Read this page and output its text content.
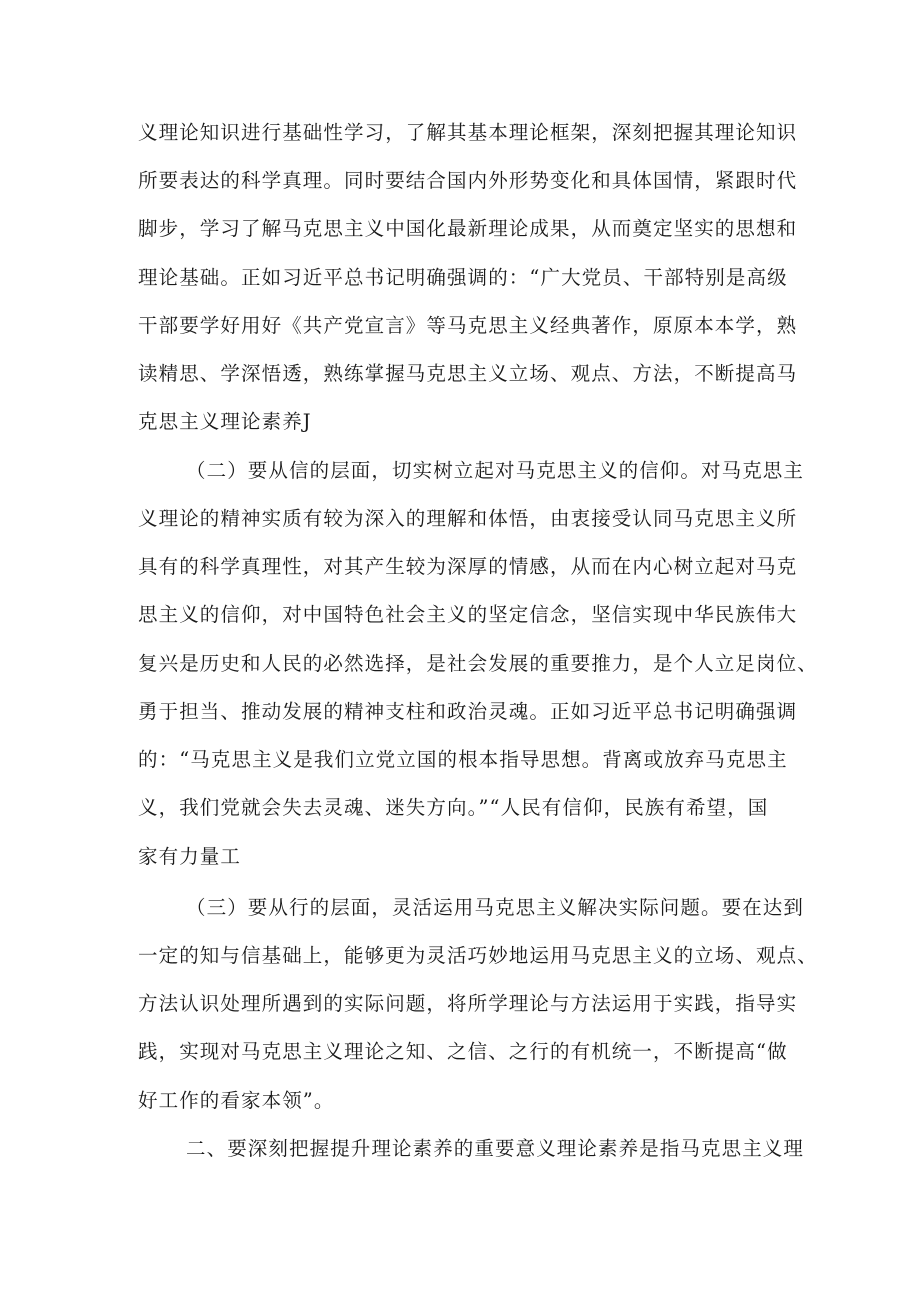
义理论知识进行基础性学习，了解其基本理论框架，深刻把握其理论知识
所要表达的科学真理。同时要结合国内外形势变化和具体国情，紧跟时代
脚步，学习了解马克思主义中国化最新理论成果，从而奠定坚实的思想和
理论基础。正如习近平总书记明确强调的：“广大党员、干部特别是高级
干部要学好用好《共产党宣言》等马克思主义经典著作，原原本本学，熟
读精思、学深悟透，熟练掌握马克思主义立场、观点、方法，不断提高马
克思主义理论素养J
（二）要从信的层面，切实树立起对马克思主义的信仰。对马克思主
义理论的精神实质有较为深入的理解和体悟，由衷接受认同马克思主义所
具有的科学真理性，对其产生较为深厚的情感，从而在内心树立起对马克
思主义的信仰，对中国特色社会主义的坚定信念，坚信实现中华民族伟大
复兴是历史和人民的必然选择，是社会发展的重要推力，是个人立足岗位、
勇于担当、推动发展的精神支柱和政治灵魂。正如习近平总书记明确强调
的：“马克思主义是我们立党立国的根本指导思想。背离或放弃马克思主
义，我们党就会失去灵魂、迷失方向。”“人民有信仰，民族有希望，国
家有力量工
（三）要从行的层面，灵活运用马克思主义解决实际问题。要在达到
一定的知与信基础上，能够更为灵活巧妙地运用马克思主义的立场、观点、
方法认识处理所遇到的实际问题，将所学理论与方法运用于实践，指导实
践，实现对马克思主义理论之知、之信、之行的有机统一，不断提高“做
好工作的看家本领”。
二、要深刻把握提升理论素养的重要意义理论素养是指马克思主义理
